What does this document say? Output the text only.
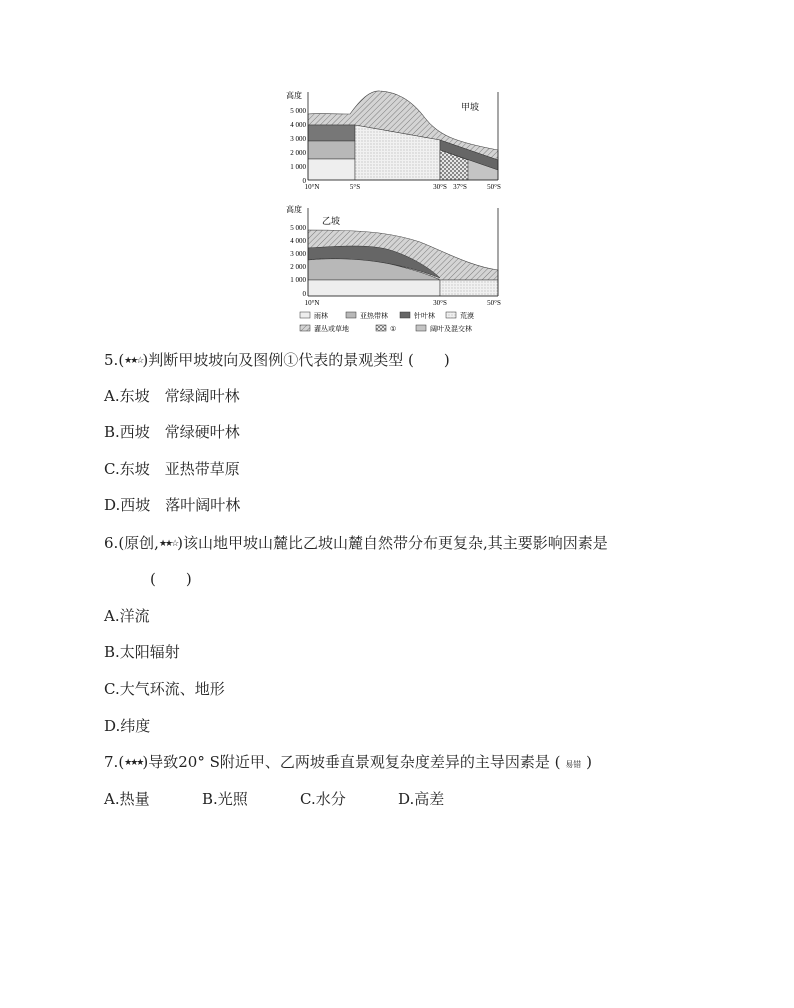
高度
甲坡
5 000
4 000
3 000
2 000
1 000
0
10°N	5°S	30°S 37°S	50°S
高度
乙坡
5 000
4 000
3 000
2 000
1 000
0
10°N	30°S	50°S
雨林	亚热带林	针叶林	荒漠
灌丛或草地	①	阔叶及混交林
5.(★★☆)判断甲坡坡向及图例①代表的景观类型 (　　)
A.东坡　常绿阔叶林
B.西坡　常绿硬叶林
C.东坡　亚热带草原
D.西坡　落叶阔叶林
6.(原创,★★☆)该山地甲坡山麓比乙坡山麓自然带分布更复杂,其主要影响因素是
(　　)
A.洋流
B.太阳辐射
C.大气环流、地形
D.纬度
7.(★★★)导致20° S附近甲、乙两坡垂直景观复杂度差异的主导因素是 ( 易错 )
A.热量	B.光照	C.水分	D.高差
